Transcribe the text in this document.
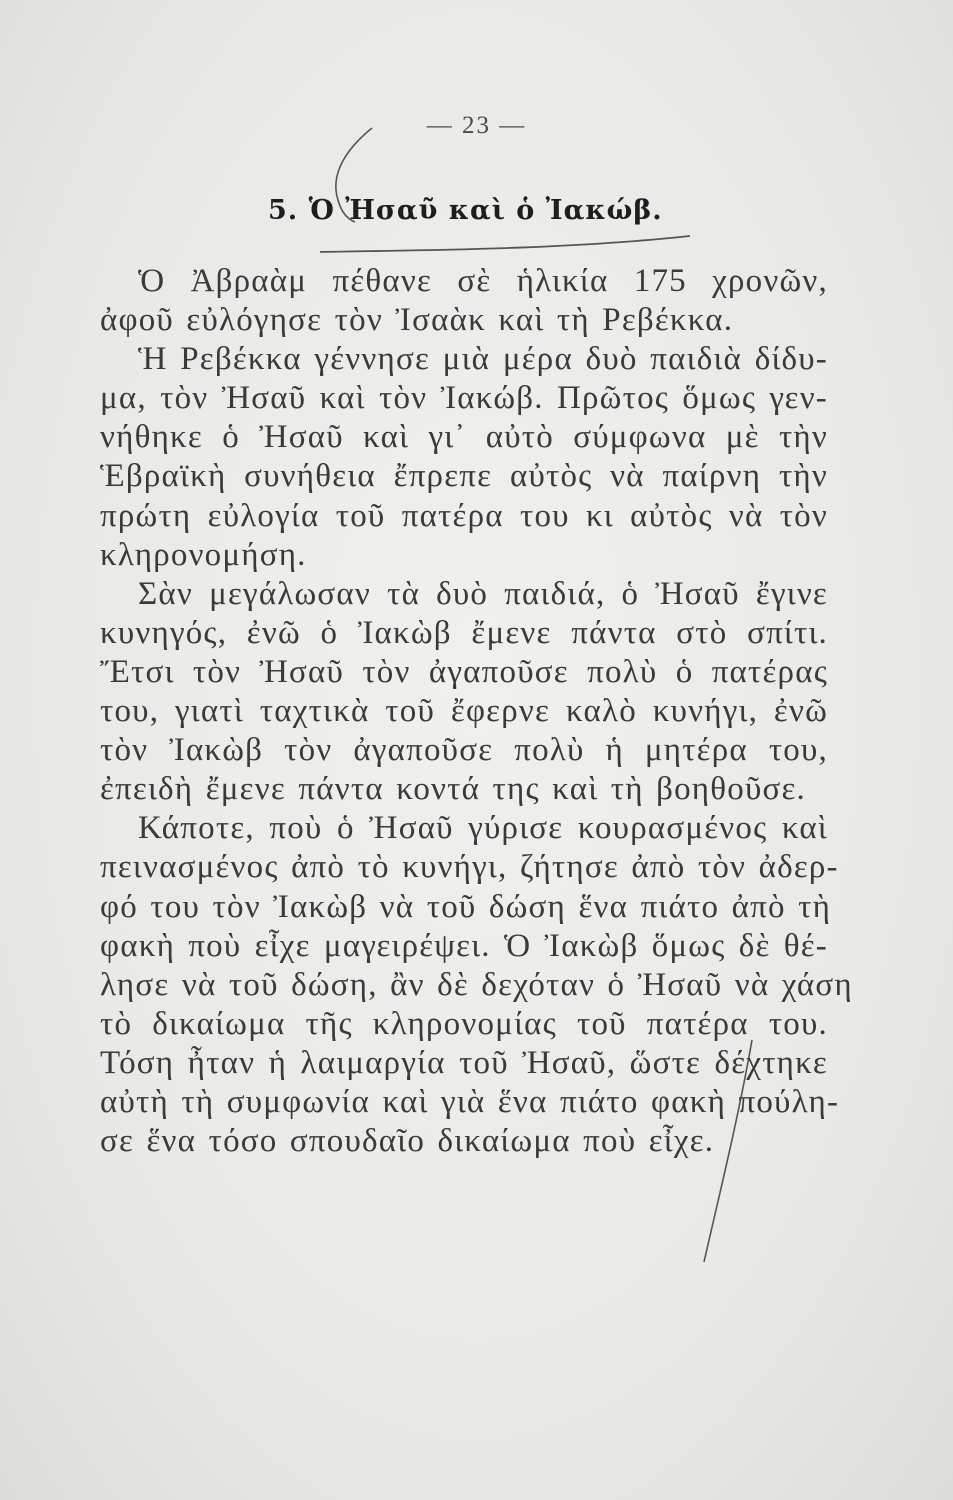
— 23 —
5. Ὁ Ἠσαῦ καὶ ὁ Ἰακώβ.
Ὁ Ἀβραὰμ πέθανε σὲ ἡλικία 175 χρονῶν,
ἀφοῦ εὐλόγησε τὸν Ἰσαὰκ καὶ τὴ Ρεβέκκα.
Ἡ Ρεβέκκα γέννησε μιὰ μέρα δυὸ παιδιὰ δίδυ-
μα, τὸν Ἠσαῦ καὶ τὸν Ἰακώβ. Πρῶτος ὅμως γεν-
νήθηκε ὁ Ἠσαῦ καὶ γι᾿ αὐτὸ σύμφωνα μὲ τὴν
Ἑβραϊκὴ συνήθεια ἔπρεπε αὐτὸς νὰ παίρνη τὴν
πρώτη εὐλογία τοῦ πατέρα του κι αὐτὸς νὰ τὸν
κληρονομήση.
Σὰν μεγάλωσαν τὰ δυὸ παιδιά, ὁ Ἠσαῦ ἔγινε
κυνηγός, ἐνῶ ὁ Ἰακὼβ ἔμενε πάντα στὸ σπίτι.
Ἔτσι τὸν Ἠσαῦ τὸν ἀγαποῦσε πολὺ ὁ πατέρας
του, γιατὶ ταχτικὰ τοῦ ἔφερνε καλὸ κυνήγι, ἐνῶ
τὸν Ἰακὼβ τὸν ἀγαποῦσε πολὺ ἡ μητέρα του,
ἐπειδὴ ἔμενε πάντα κοντά της καὶ τὴ βοηθοῦσε.
Κάποτε, ποὺ ὁ Ἠσαῦ γύρισε κουρασμένος καὶ
πεινασμένος ἀπὸ τὸ κυνήγι, ζήτησε ἀπὸ τὸν ἀδερ-
φό του τὸν Ἰακὼβ νὰ τοῦ δώση ἕνα πιάτο ἀπὸ τὴ
φακὴ ποὺ εἶχε μαγειρέψει. Ὁ Ἰακὼβ ὅμως δὲ θέ-
λησε νὰ τοῦ δώση, ἂν δὲ δεχόταν ὁ Ἠσαῦ νὰ χάση
τὸ δικαίωμα τῆς κληρονομίας τοῦ πατέρα του.
Τόση ἦταν ἡ λαιμαργία τοῦ Ἠσαῦ, ὥστε δέχτηκε
αὐτὴ τὴ συμφωνία καὶ γιὰ ἕνα πιάτο φακὴ πούλη-
σε ἕνα τόσο σπουδαῖο δικαίωμα ποὺ εἶχε.
